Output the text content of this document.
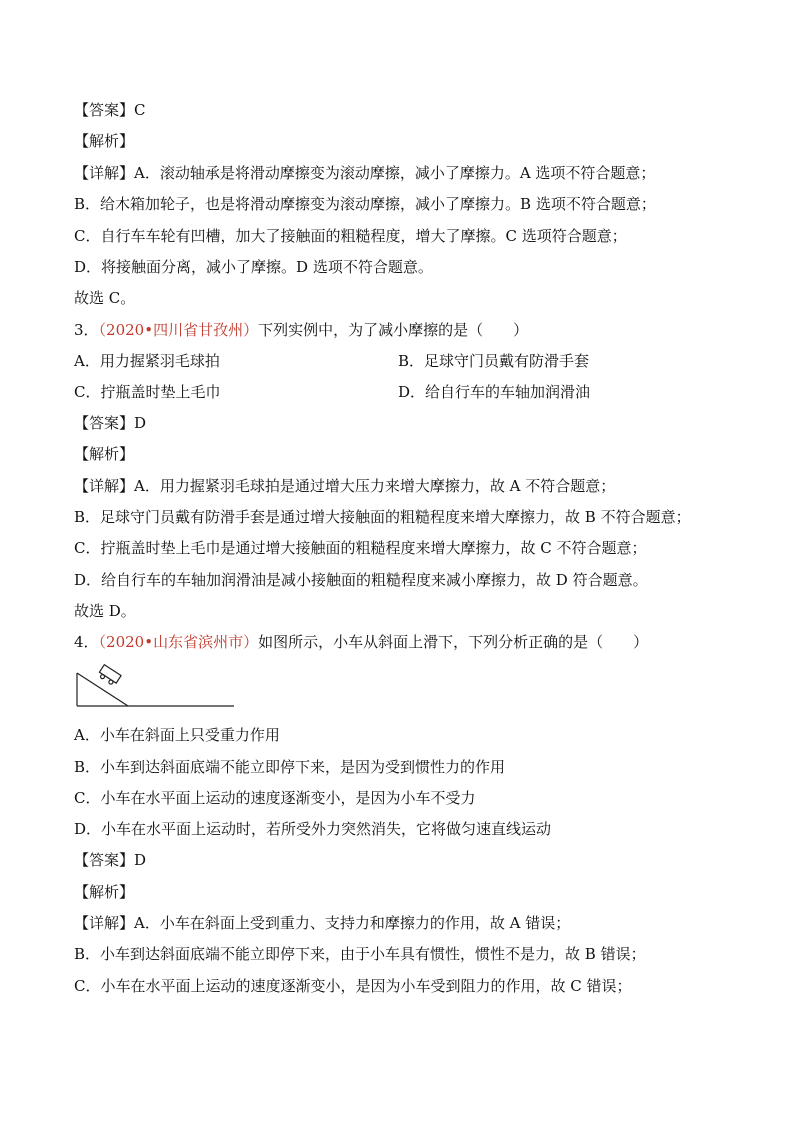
【答案】C
【解析】
【详解】A．滚动轴承是将滑动摩擦变为滚动摩擦，减小了摩擦力。A 选项不符合题意；
B．给木箱加轮子，也是将滑动摩擦变为滚动摩擦，减小了摩擦力。B 选项不符合题意；
C．自行车车轮有凹槽，加大了接触面的粗糙程度，增大了摩擦。C 选项符合题意；
D．将接触面分离，减小了摩擦。D 选项不符合题意。
故选 C。
3．（2020•四川省甘孜州）下列实例中，为了减小摩擦的是（　　）
A．用力握紧羽毛球拍	B．足球守门员戴有防滑手套
C．拧瓶盖时垫上毛巾	D．给自行车的车轴加润滑油
【答案】D
【解析】
【详解】A．用力握紧羽毛球拍是通过增大压力来增大摩擦力，故 A 不符合题意；
B．足球守门员戴有防滑手套是通过增大接触面的粗糙程度来增大摩擦力，故 B 不符合题意；
C．拧瓶盖时垫上毛巾是通过增大接触面的粗糙程度来增大摩擦力，故 C 不符合题意；
D．给自行车的车轴加润滑油是减小接触面的粗糙程度来减小摩擦力，故 D 符合题意。
故选 D。
4．（2020•山东省滨州市）如图所示，小车从斜面上滑下，下列分析正确的是（　　）
A．小车在斜面上只受重力作用
B．小车到达斜面底端不能立即停下来，是因为受到惯性力的作用
C．小车在水平面上运动的速度逐渐变小，是因为小车不受力
D．小车在水平面上运动时，若所受外力突然消失，它将做匀速直线运动
【答案】D
【解析】
【详解】A．小车在斜面上受到重力、支持力和摩擦力的作用，故 A 错误；
B．小车到达斜面底端不能立即停下来，由于小车具有惯性，惯性不是力，故 B 错误；
C．小车在水平面上运动的速度逐渐变小，是因为小车受到阻力的作用，故 C 错误；
